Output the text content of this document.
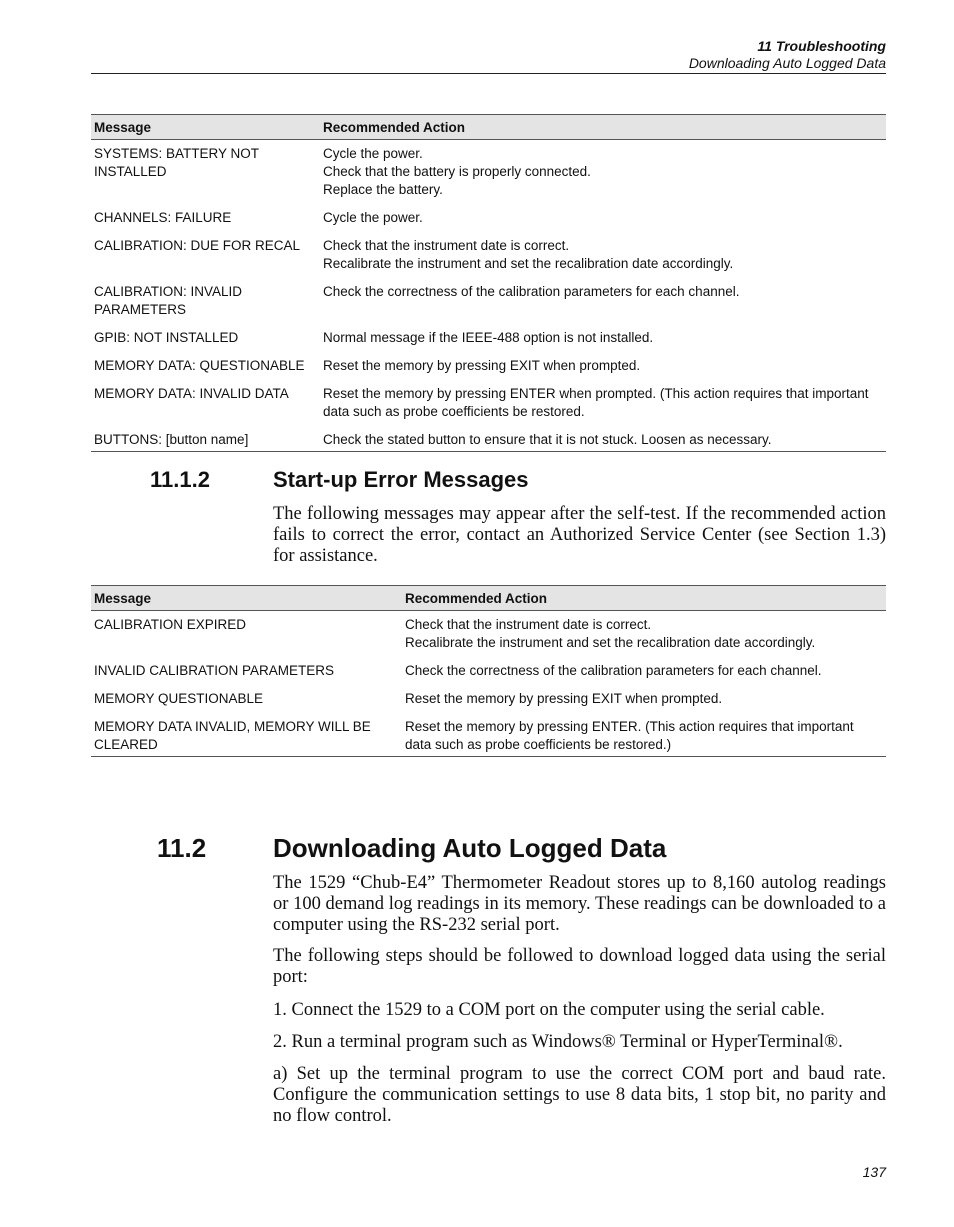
11 Troubleshooting
Downloading Auto Logged Data
Message	Recommended Action
SYSTEMS: BATTERY NOT INSTALLED	Cycle the power.
Check that the battery is properly connected.
Replace the battery.

CHANNELS: FAILURE	Cycle the power.

CALIBRATION: DUE FOR RECAL	Check that the instrument date is correct.
Recalibrate the instrument and set the recalibration date accordingly.

CALIBRATION: INVALID PARAMETERS	Check the correctness of the calibration parameters for each channel.

GPIB: NOT INSTALLED	Normal message if the IEEE-488 option is not installed.

MEMORY DATA: QUESTIONABLE	Reset the memory by pressing EXIT when prompted.

MEMORY DATA: INVALID DATA	Reset the memory by pressing ENTER when prompted. (This action requires that important data such as probe coefficients be restored.

BUTTONS: [button name]	Check the stated button to ensure that it is not stuck. Loosen as necessary.
11.1.2	Start-up Error Messages

The following messages may appear after the self-test. If the recommended action fails to correct the error, contact an Authorized Service Center (see Section 1.3) for assistance.

Message	Recommended Action
CALIBRATION EXPIRED	Check that the instrument date is correct.
Recalibrate the instrument and set the recalibration date accordingly.

INVALID CALIBRATION PARAMETERS	Check the correctness of the calibration parameters for each channel.

MEMORY QUESTIONABLE	Reset the memory by pressing EXIT when prompted.

MEMORY DATA INVALID, MEMORY WILL BE CLEARED	Reset the memory by pressing ENTER. (This action requires that important data such as probe coefficients be restored.)
11.2	Downloading Auto Logged Data

The 1529 “Chub-E4” Thermometer Readout stores up to 8,160 autolog readings or 100 demand log readings in its memory. These readings can be downloaded to a computer using the RS-232 serial port.

The following steps should be followed to download logged data using the serial port:

1. Connect the 1529 to a COM port on the computer using the serial cable.

2. Run a terminal program such as Windows® Terminal or HyperTerminal®.

a) Set up the terminal program to use the correct COM port and baud rate. Configure the communication settings to use 8 data bits, 1 stop bit, no parity and no flow control.

137
